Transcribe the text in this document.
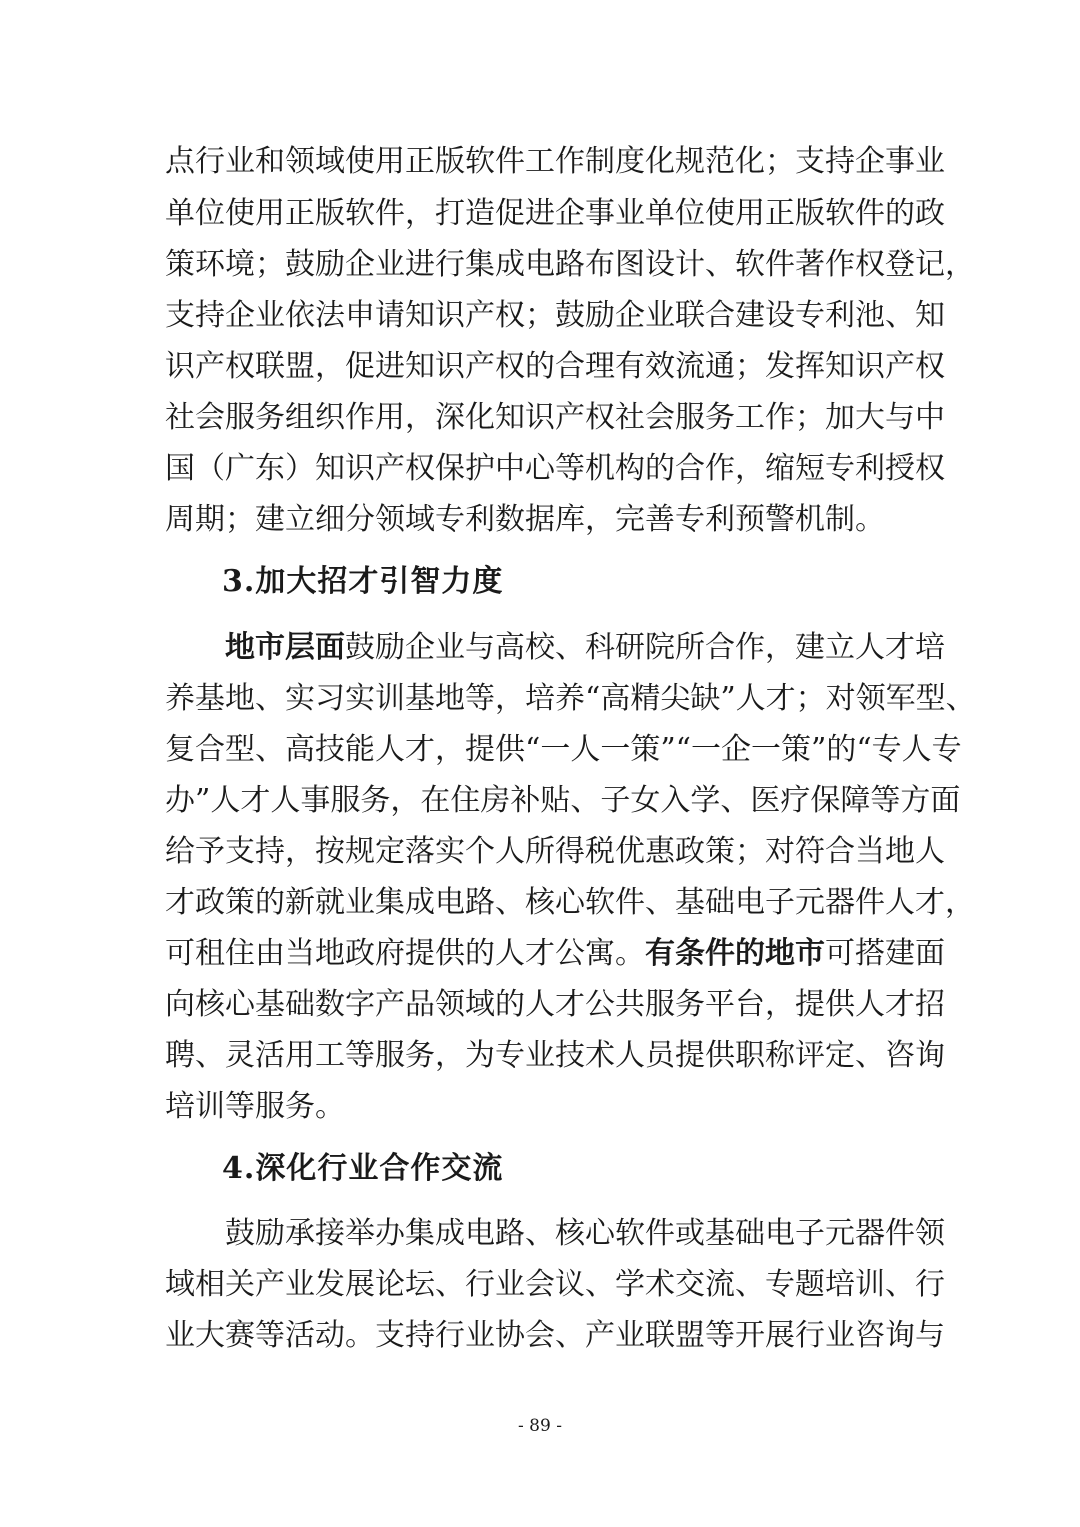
点行业和领域使用正版软件工作制度化规范化；支持企事业
单位使用正版软件，打造促进企事业单位使用正版软件的政
策环境；鼓励企业进行集成电路布图设计、软件著作权登记，
支持企业依法申请知识产权；鼓励企业联合建设专利池、知
识产权联盟，促进知识产权的合理有效流通；发挥知识产权
社会服务组织作用，深化知识产权社会服务工作；加大与中
国（广东）知识产权保护中心等机构的合作，缩短专利授权
周期；建立细分领域专利数据库，完善专利预警机制。
3.加大招才引智力度
地市层面鼓励企业与高校、科研院所合作，建立人才培
养基地、实习实训基地等，培养“高精尖缺”人才；对领军型、
复合型、高技能人才，提供“一人一策”“一企一策”的“专人专
办”人才人事服务，在住房补贴、子女入学、医疗保障等方面
给予支持，按规定落实个人所得税优惠政策；对符合当地人
才政策的新就业集成电路、核心软件、基础电子元器件人才，
可租住由当地政府提供的人才公寓。有条件的地市可搭建面
向核心基础数字产品领域的人才公共服务平台，提供人才招
聘、灵活用工等服务，为专业技术人员提供职称评定、咨询
培训等服务。
4.深化行业合作交流
鼓励承接举办集成电路、核心软件或基础电子元器件领
域相关产业发展论坛、行业会议、学术交流、专题培训、行
业大赛等活动。支持行业协会、产业联盟等开展行业咨询与
- 89 -
